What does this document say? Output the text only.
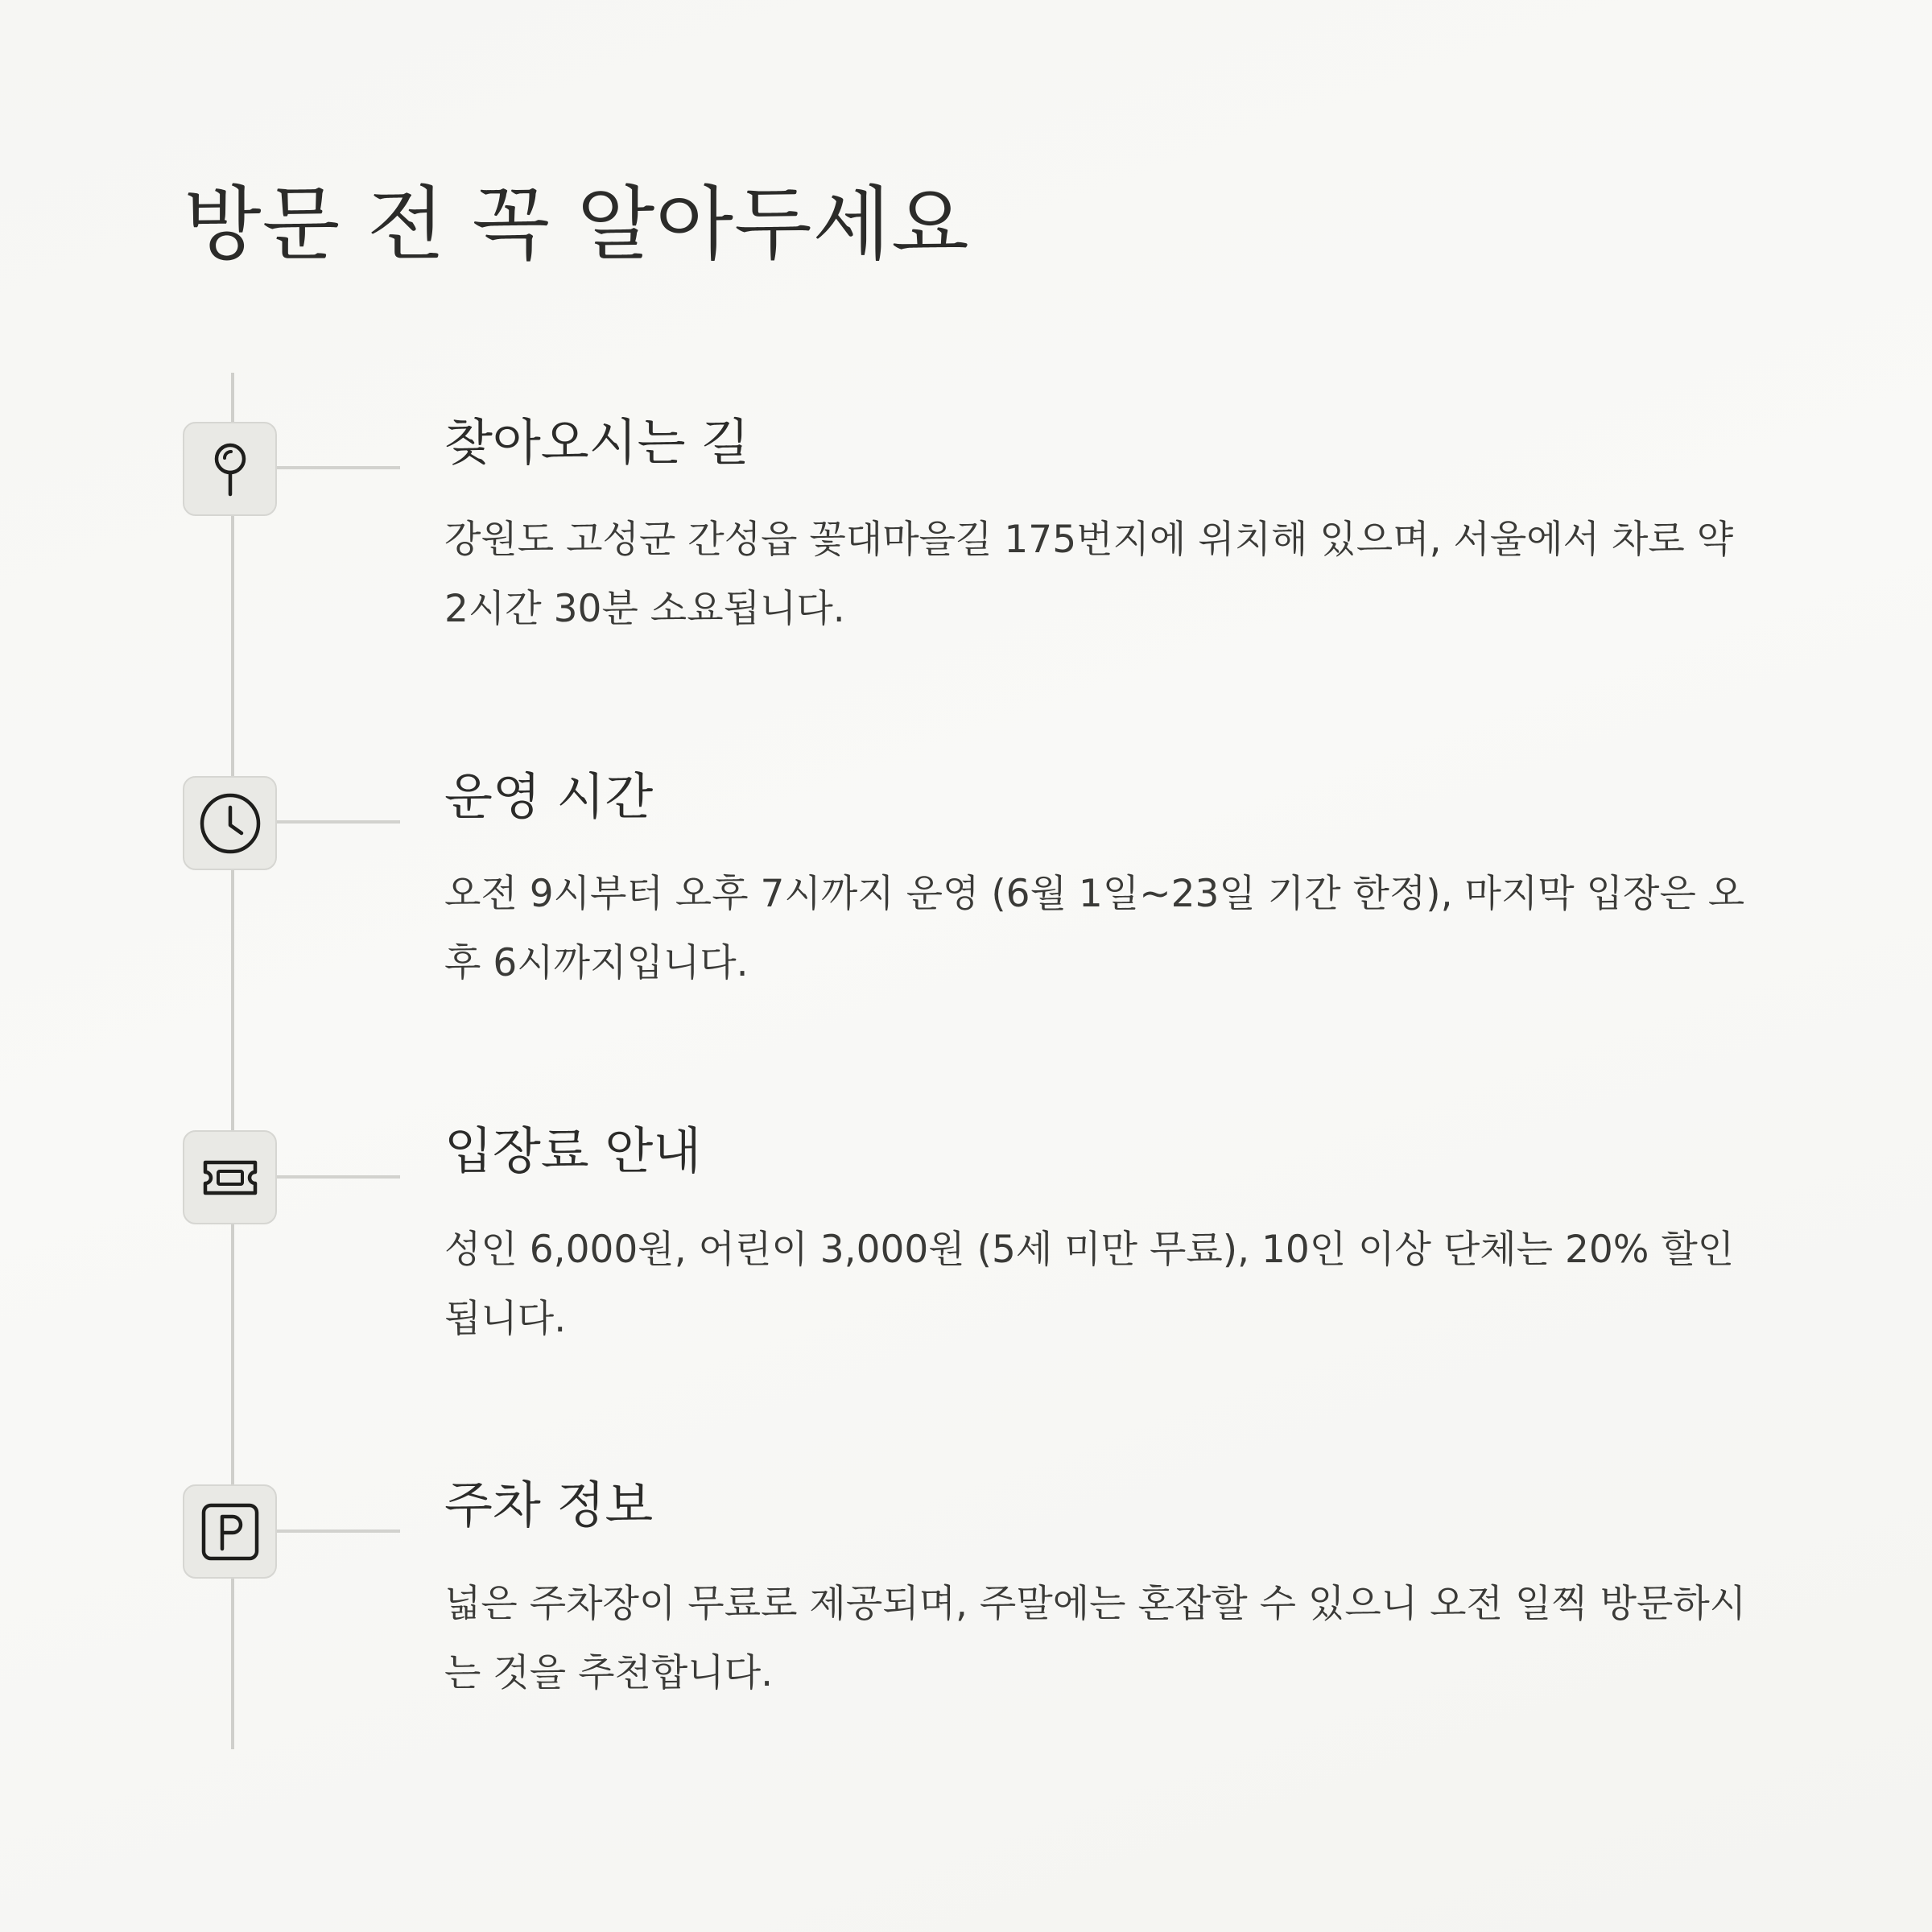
방문 전 꼭 알아두세요
찾아오시는 길

강원도 고성군 간성읍 꽃대마을길 175번지에 위치해 있으며, 서울에서 차로 약 2시간 30분 소요됩니다.

운영 시간

오전 9시부터 오후 7시까지 운영 (6월 1일~23일 기간 한정), 마지막 입장은 오후 6시까지입니다.

입장료 안내

성인 6,000원, 어린이 3,000원 (5세 미만 무료), 10인 이상 단체는 20% 할인됩니다.

주차 정보

넓은 주차장이 무료로 제공되며, 주말에는 혼잡할 수 있으니 오전 일찍 방문하시는 것을 추천합니다.
